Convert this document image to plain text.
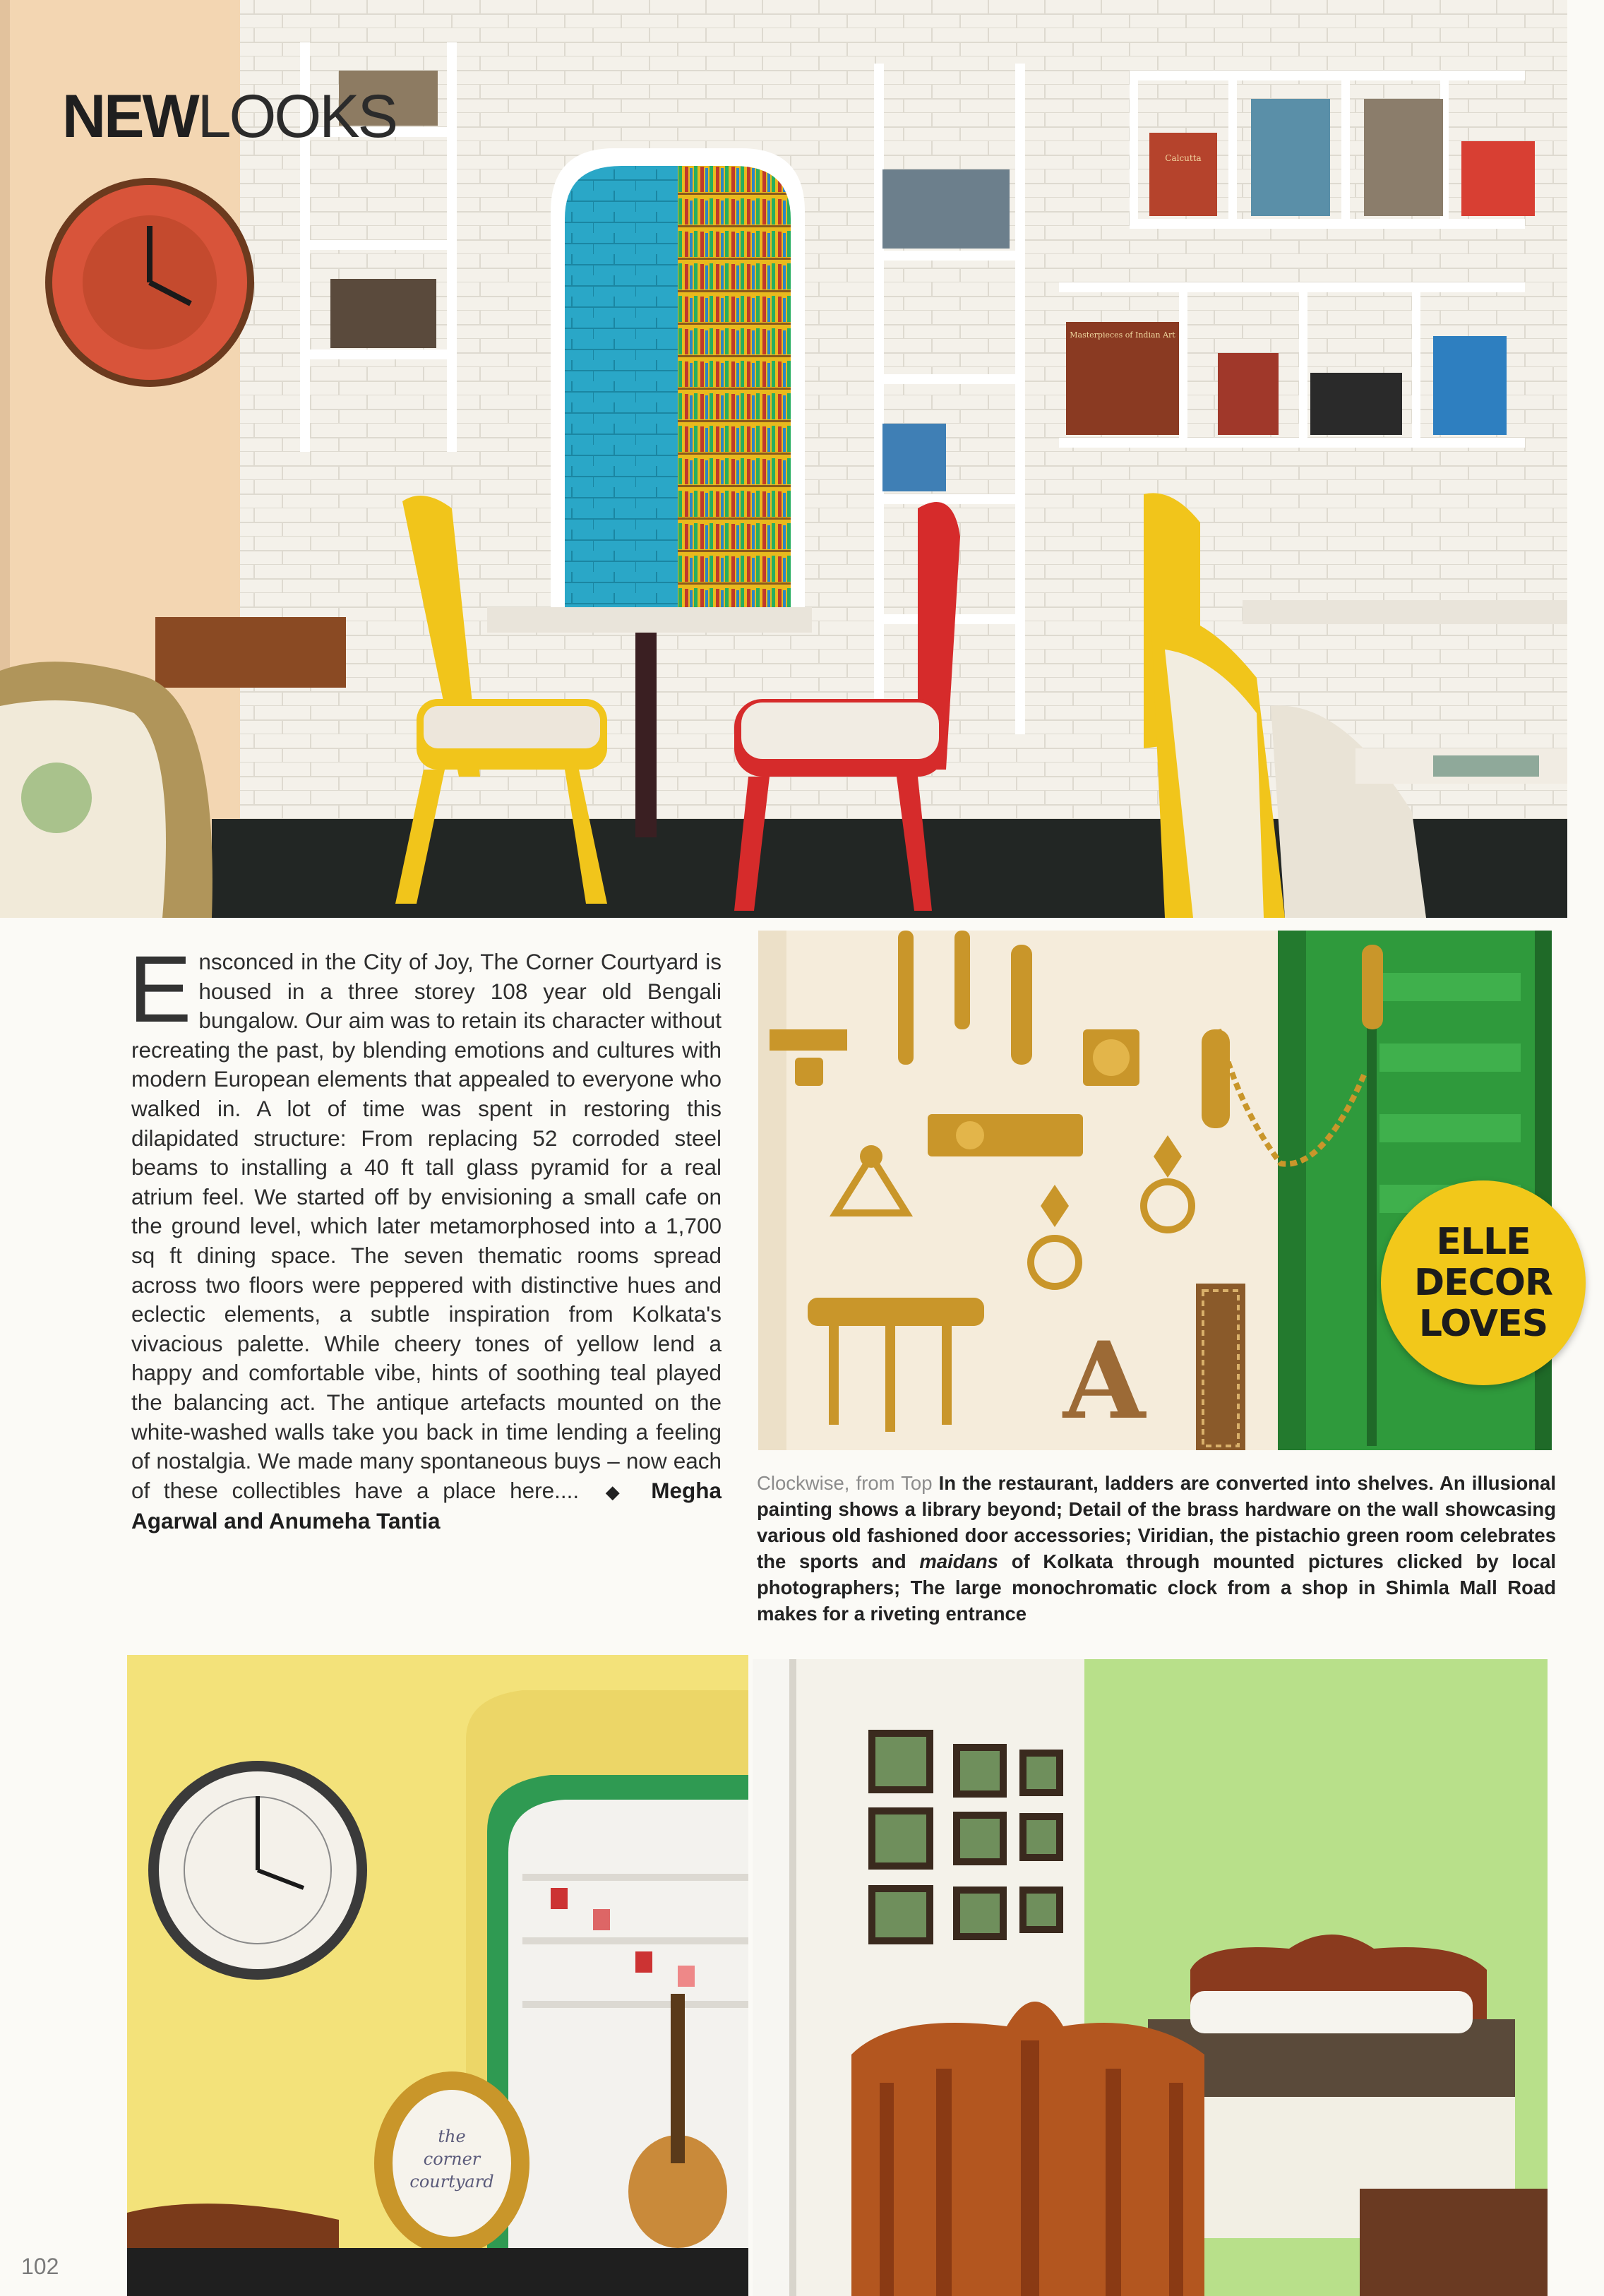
Calcutta
Masterpieces of Indian Art
NEWLOOKS
E nsconced in the City of Joy, The Corner Courtyard is housed in a three storey 108 year old Bengali bungalow. Our aim was to retain its character without recreating the past, by blending emotions and cultures with modern European elements that appealed to everyone who walked in. A lot of time was spent in restoring this dilapidated structure: From replacing 52 corroded steel beams to installing a 40 ft tall glass pyramid for a real atrium feel. We started off by envisioning a small cafe on the ground level, which later metamorphosed into a 1,700 sq ft dining space. The seven thematic rooms spread across two floors were peppered with distinctive hues and eclectic elements, a subtle inspiration from Kolkata's vivacious palette. While cheery tones of yellow lend a happy and comfortable vibe, hints of soothing teal played the balancing act. The antique artefacts mounted on the white-washed walls take you back in time lending a feeling of nostalgia. We made many spontaneous buys – now each of these collectibles have a place here.... ◆ Megha Agarwal and Anumeha Tantia
A
ELLE
DECOR
LOVES
Clockwise, from Top In the restaurant, ladders are converted into shelves. An illusional painting shows a library beyond; Detail of the brass hardware on the wall showcasing various old fashioned door accessories; Viridian, the pistachio green room celebrates the sports and maidans of Kolkata through mounted pictures clicked by local photographers; The large monochromatic clock from a shop in Shimla Mall Road makes for a riveting entrance
the
corner
courtyard
102
